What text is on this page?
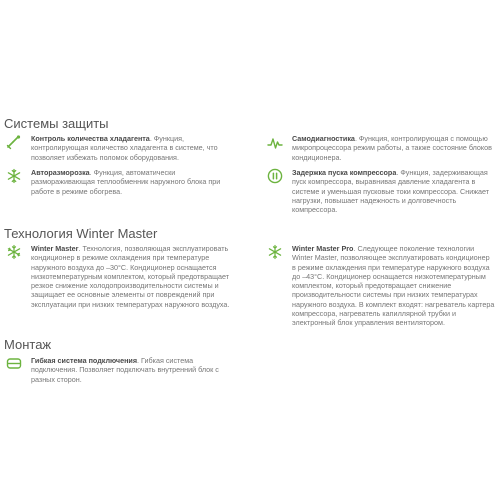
Системы защиты
Контроль количества хладагента. Функция, контролирующая количество хладагента в системе, что позволяет избежать поломок оборудования.
Самодиагностика. Функция, контролирующая с помощью микропроцессора режим работы, а также состояние блоков кондиционера.
Авторазморозка. Функция, автоматически размораживающая теплообменник наружного блока при работе в режиме обогрева.
Задержка пуска компрессора. Функция, задерживающая пуск компрессора, выравнивая давление хладагента в системе и уменьшая пусковые токи компрессора. Снижает нагрузки, повышает надежность и долговечность компрессора.
Технология Winter Master
Winter Master. Технология, позволяющая эксплуатировать кондиционер в режиме охлаждения при температуре наружного воздуха до –30°С. Кондиционер оснащается низкотемпературным комплектом, который предотвращает резкое снижение холодопроизводительности системы и защищает ее основные элементы от повреждений при эксплуатации при низких температурах наружного воздуха.
Winter Master Pro. Следующее поколение технологии Winter Master, позволяющее эксплуатировать кондиционер в режиме охлаждения при температуре наружного воздуха до –43°С. Кондиционер оснащается низкотемпературным комплектом, который предотвращает снижение производительности системы при низких температурах наружного воздуха. В комплект входят: нагреватель картера компрессора, нагреватель капиллярной трубки и электронный блок управления вентилятором.
Монтаж
Гибкая система подключения. Гибкая система подключения. Позволяет подключать внутренний блок с разных сторон.
